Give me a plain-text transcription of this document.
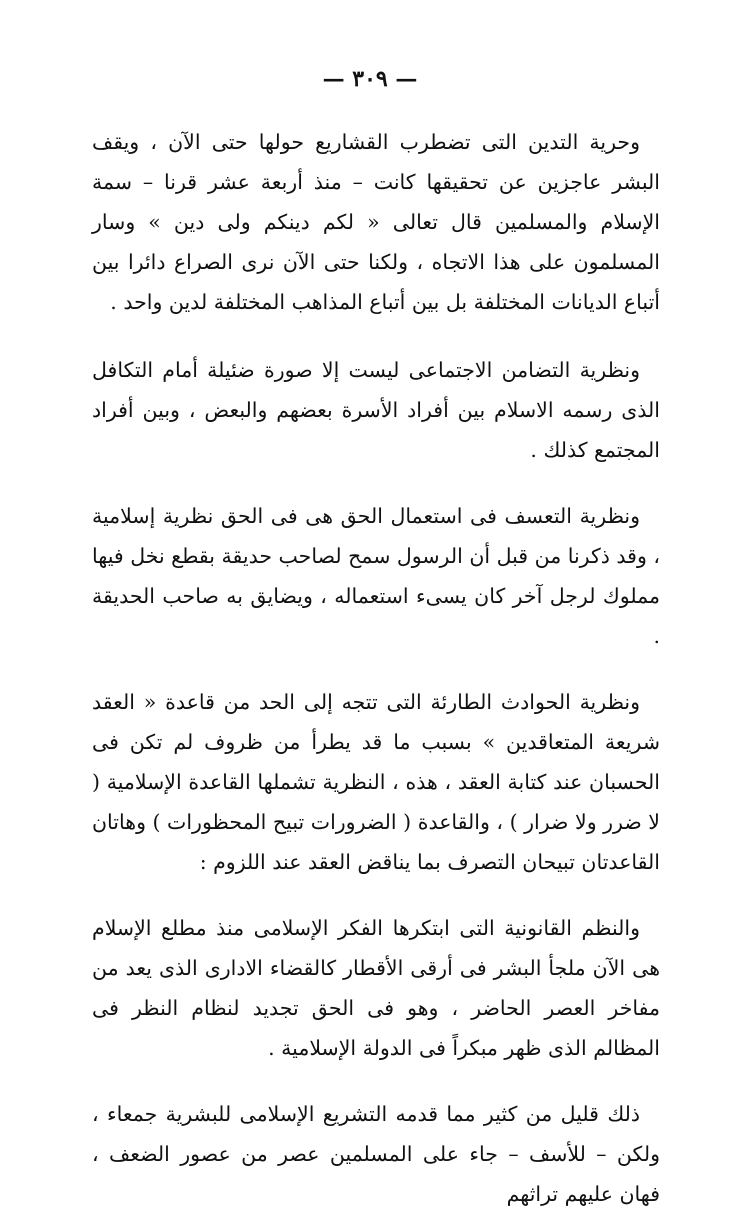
— ٣٠٩ —

وحرية التدين التى تضطرب القشاريع حولها حتى الآن ، ويقف البشر عاجزين عن تحقيقها كانت – منذ أربعة عشر قرنا – سمة الإسلام والمسلمين قال تعالى « لكم دينكم ولى دين » وسار المسلمون على هذا الاتجاه ، ولكنا حتى الآن نرى الصراع دائرا بين أتباع الديانات المختلفة بل بين أتباع المذاهب المختلفة لدين واحد .

ونظرية التضامن الاجتماعى ليست إلا صورة ضئيلة أمام التكافل الذى رسمه الاسلام بين أفراد الأسرة بعضهم والبعض ، وبين أفراد المجتمع كذلك .

ونظرية التعسف فى استعمال الحق هى فى الحق نظرية إسلامية ، وقد ذكرنا من قبل أن الرسول سمح لصاحب حديقة بقطع نخل فيها مملوك لرجل آخر كان يسىء استعماله ، ويضايق به صاحب الحديقة .

ونظرية الحوادث الطارئة التى تتجه إلى الحد من قاعدة « العقد شريعة المتعاقدين » بسبب ما قد يطرأ من ظروف لم تكن فى الحسبان عند كتابة العقد ، هذه ، النظرية تشملها القاعدة الإسلامية ( لا ضرر ولا ضرار ) ، والقاعدة ( الضرورات تبيح المحظورات ) وهاتان القاعدتان تبيحان التصرف بما يناقض العقد عند اللزوم :

والنظم القانونية التى ابتكرها الفكر الإسلامى منذ مطلع الإسلام هى الآن ملجأ البشر فى أرقى الأقطار كالقضاء الادارى الذى يعد من مفاخر العصر الحاضر ، وهو فى الحق تجديد لنظام النظر فى المظالم الذى ظهر مبكراً فى الدولة الإسلامية .

ذلك قليل من كثير مما قدمه التشريع الإسلامى للبشرية جمعاء ، ولكن – للأسف – جاء على المسلمين عصر من عصور الضعف ، فهان عليهم تراثهم
